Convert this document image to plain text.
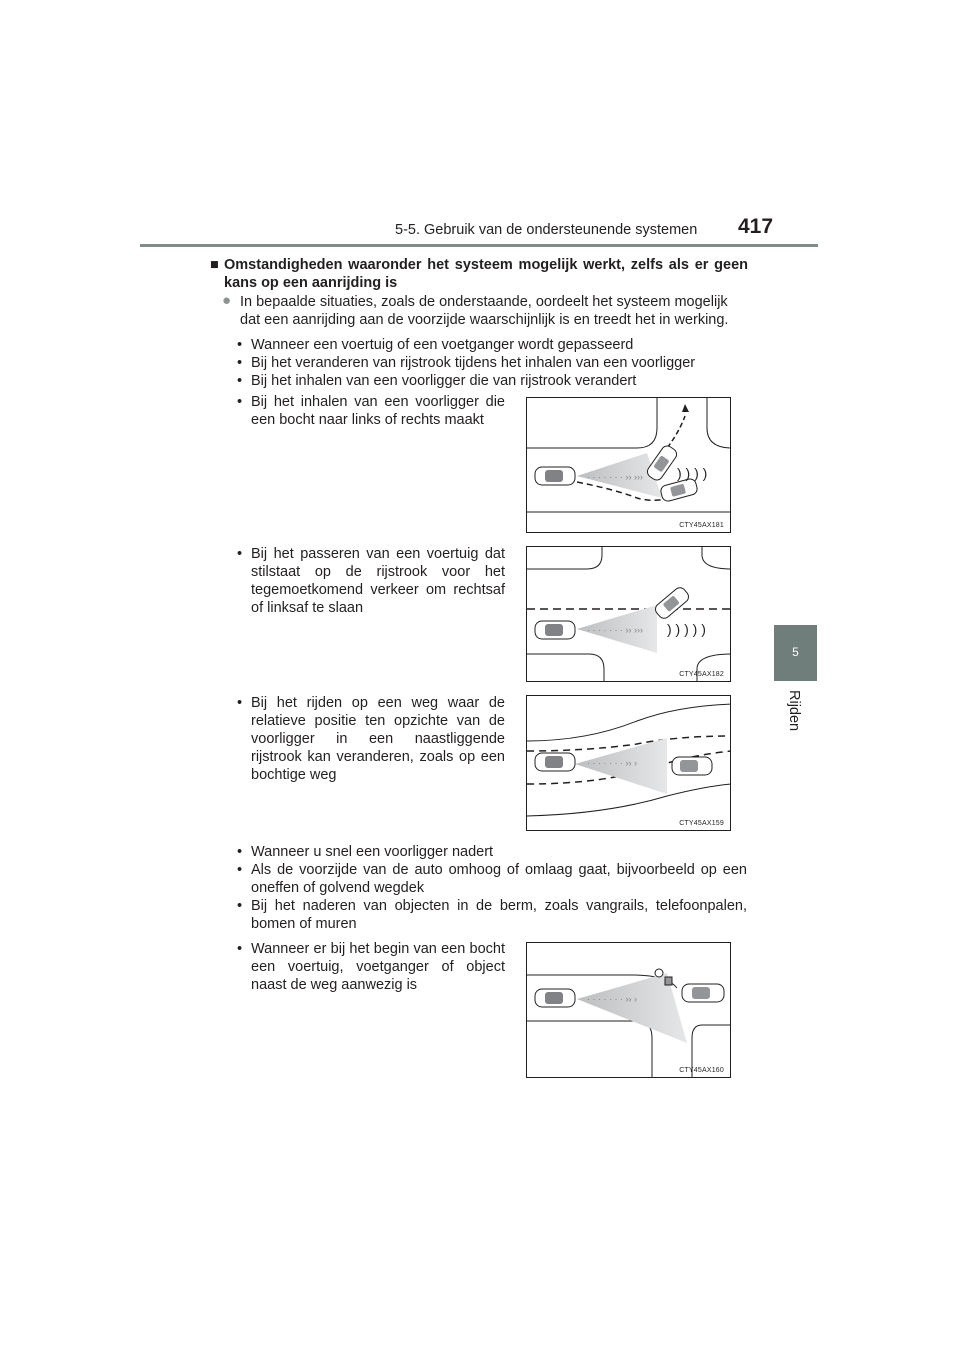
5-5. Gebruik van de ondersteunende systemen 417
5
Rijden
■ Omstandigheden waaronder het systeem mogelijk werkt, zelfs als er geen kans op een aanrijding is
● In bepaalde situaties, zoals de onderstaande, oordeelt het systeem mogelijk dat een aanrijding aan de voorzijde waarschijnlijk is en treedt het in werking.
• Wanneer een voertuig of een voetganger wordt gepasseerd
• Bij het veranderen van rijstrook tijdens het inhalen van een voorligger
• Bij het inhalen van een voorligger die van rijstrook verandert
• Bij het inhalen van een voorligger die een bocht naar links of rechts maakt
· · · · · · · ›› ››› ) ) ) )
CTY45AX181
• Bij het passeren van een voertuig dat stilstaat op de rijstrook voor het tegemoetkomend verkeer om rechtsaf of linksaf te slaan
· · · · · · · ›› ››› ) ) ) ) )
CTY45AX182
• Bij het rijden op een weg waar de relatieve positie ten opzichte van de voorligger in een naastliggende rijstrook kan veranderen, zoals op een bochtige weg
· · · · · · · ›› ›
CTY45AX159
• Wanneer u snel een voorligger nadert
• Als de voorzijde van de auto omhoog of omlaag gaat, bijvoorbeeld op een oneffen of golvend wegdek
• Bij het naderen van objecten in de berm, zoals vangrails, telefoonpalen, bomen of muren
• Wanneer er bij het begin van een bocht een voertuig, voetganger of object naast de weg aanwezig is
· · · · · · · ›› ›
CTY45AX160
